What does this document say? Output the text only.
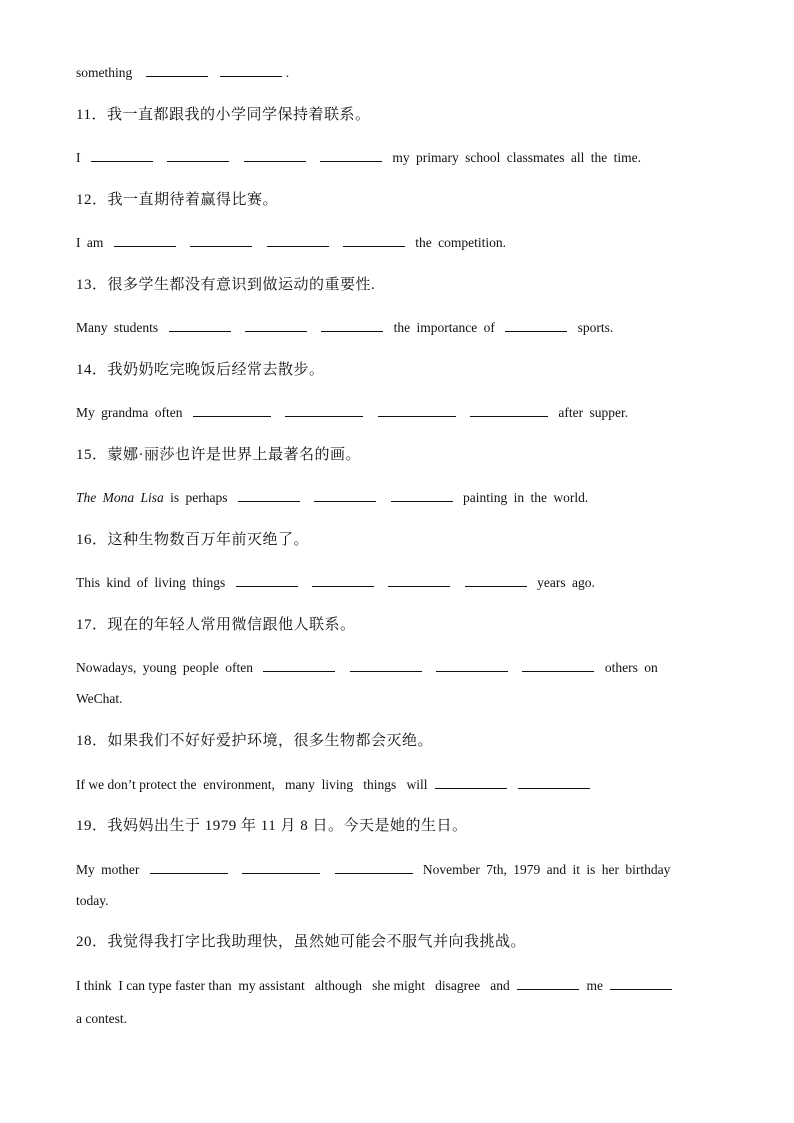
something	.
11．我一直都跟我的小学同学保持着联系。
I	my primary school classmates all the time.
12．我一直期待着赢得比赛。
I am	the competition.
13．很多学生都没有意识到做运动的重要性.
Many students	the importance of	sports.
14．我奶奶吃完晚饭后经常去散步。
My grandma often	after supper.
15．蒙娜·丽莎也许是世界上最著名的画。
The Mona Lisa is perhaps	painting in the world.
16．这种生物数百万年前灭绝了。
This kind of living things	years ago.
17．现在的年轻人常用微信跟他人联系。
Nowadays, young people often	others on
WeChat.
18．如果我们不好好爱护环境，很多生物都会灭绝。
If we don’t protect the  environment,   many  living   things   will
19．我妈妈出生于 1979 年 11 月 8 日。今天是她的生日。
My mother	November 7th, 1979 and it is her birthday
today.
20．我觉得我打字比我助理快，虽然她可能会不服气并向我挑战。
I think  I can type faster than  my assistant   although   she might   disagree   and	me
a contest.
